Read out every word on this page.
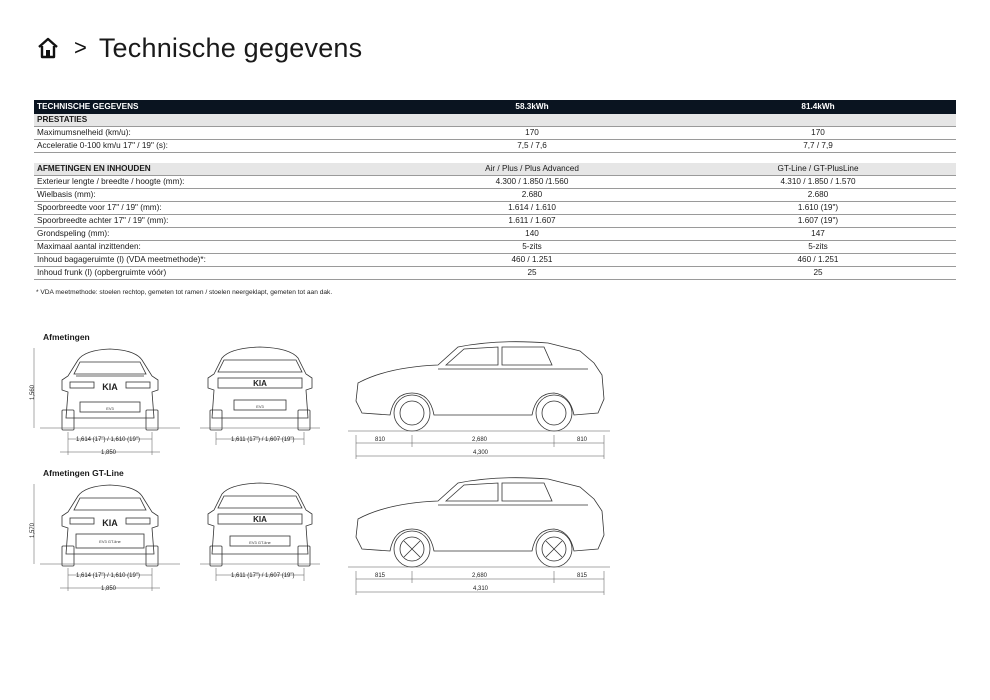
> Technische gegevens
TECHNISCHE GEGEVENS	58.3kWh	81.4kWh
PRESTATIES		
Maximumsnelheid (km/u):	170	170
Acceleratie 0-100 km/u 17" / 19" (s):	7,5 / 7,6	7,7 / 7,9

AFMETINGEN EN INHOUDEN	Air / Plus / Plus Advanced	GT-Line / GT-PlusLine
Exterieur lengte / breedte / hoogte (mm):	4.300 / 1.850 /1.560	4.310 / 1.850 / 1.570
Wielbasis (mm):	2.680	2.680
Spoorbreedte voor 17" / 19" (mm):	1.614 / 1.610	1.610 (19")
Spoorbreedte achter 17" / 19" (mm):	1.611 / 1.607	1.607 (19")
Grondspeling (mm):	140	147
Maximaal aantal inzittenden:	5-zits	5-zits
Inhoud bagageruimte (l) (VDA meetmethode)*:	460 / 1.251	460 / 1.251
Inhoud frunk (l) (opbergruimte vóór)	25	25
* VDA meetmethode: stoelen rechtop, gemeten tot ramen / stoelen neergeklapt, gemeten tot aan dak.
Afmetingen
KIA
EV3
1,560
1,614 (17") / 1,610 (19")
1,850
KIA
EV3
1,611 (17") / 1,607 (19")	810	2,680	810
4,300
Afmetingen GT-Line
KIA
EV3 GT-line
1,570
1,614 (17") / 1,610 (19")
1,850
KIA
EV3 GT-line
1,611 (17") / 1,607 (19")	815	2,680	815
4,310
